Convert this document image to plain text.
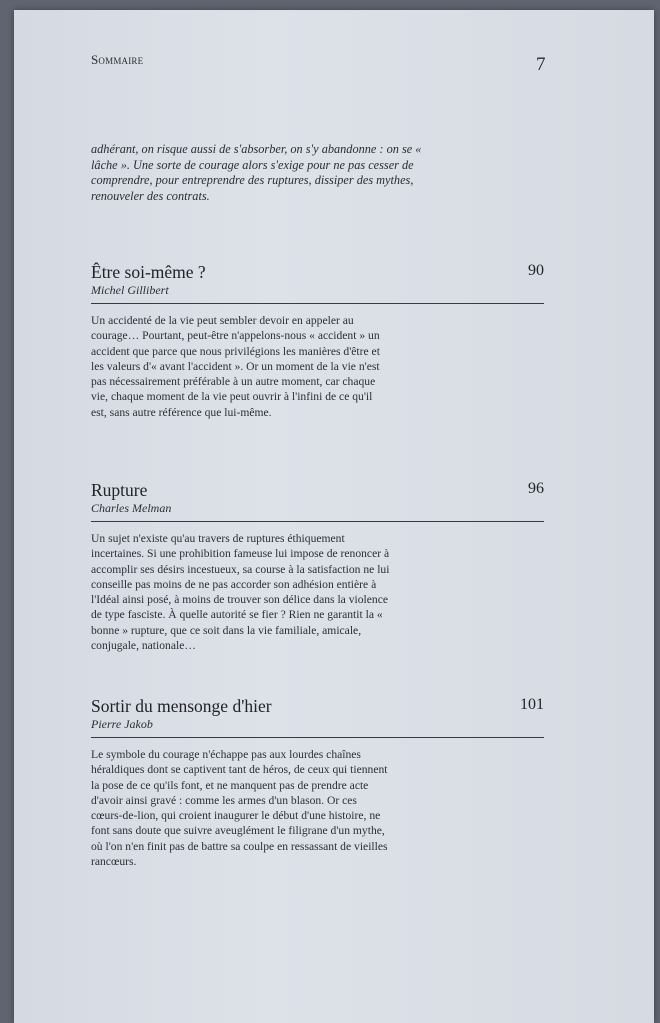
Sommaire	7

adhérant, on risque aussi de s'absorber, on s'y abandonne : on se « lâche ». Une sorte de courage alors s'exige pour ne pas cesser de comprendre, pour entreprendre des ruptures, dissiper des mythes, renouveler des contrats.

Être soi-même ?	90
Michel Gillibert

Un accidenté de la vie peut sembler devoir en appeler au courage… Pourtant, peut-être n'appelons-nous « accident » un accident que parce que nous privilégions les manières d'être et les valeurs d'« avant l'accident ». Or un moment de la vie n'est pas nécessairement préférable à un autre moment, car chaque vie, chaque moment de la vie peut ouvrir à l'infini de ce qu'il est, sans autre référence que lui-même.

Rupture	96
Charles Melman

Un sujet n'existe qu'au travers de ruptures éthiquement incertaines. Si une prohibition fameuse lui impose de renoncer à accomplir ses désirs incestueux, sa course à la satisfaction ne lui conseille pas moins de ne pas accorder son adhésion entière à l'Idéal ainsi posé, à moins de trouver son délice dans la violence de type fasciste. À quelle autorité se fier ? Rien ne garantit la « bonne » rupture, que ce soit dans la vie familiale, amicale, conjugale, nationale…

Sortir du mensonge d'hier	101
Pierre Jakob

Le symbole du courage n'échappe pas aux lourdes chaînes héraldiques dont se captivent tant de héros, de ceux qui tiennent la pose de ce qu'ils font, et ne manquent pas de prendre acte d'avoir ainsi gravé : comme les armes d'un blason. Or ces cœurs-de-lion, qui croient inaugurer le début d'une histoire, ne font sans doute que suivre aveuglément le filigrane d'un mythe, où l'on n'en finit pas de battre sa coulpe en ressassant de vieilles rancœurs.
